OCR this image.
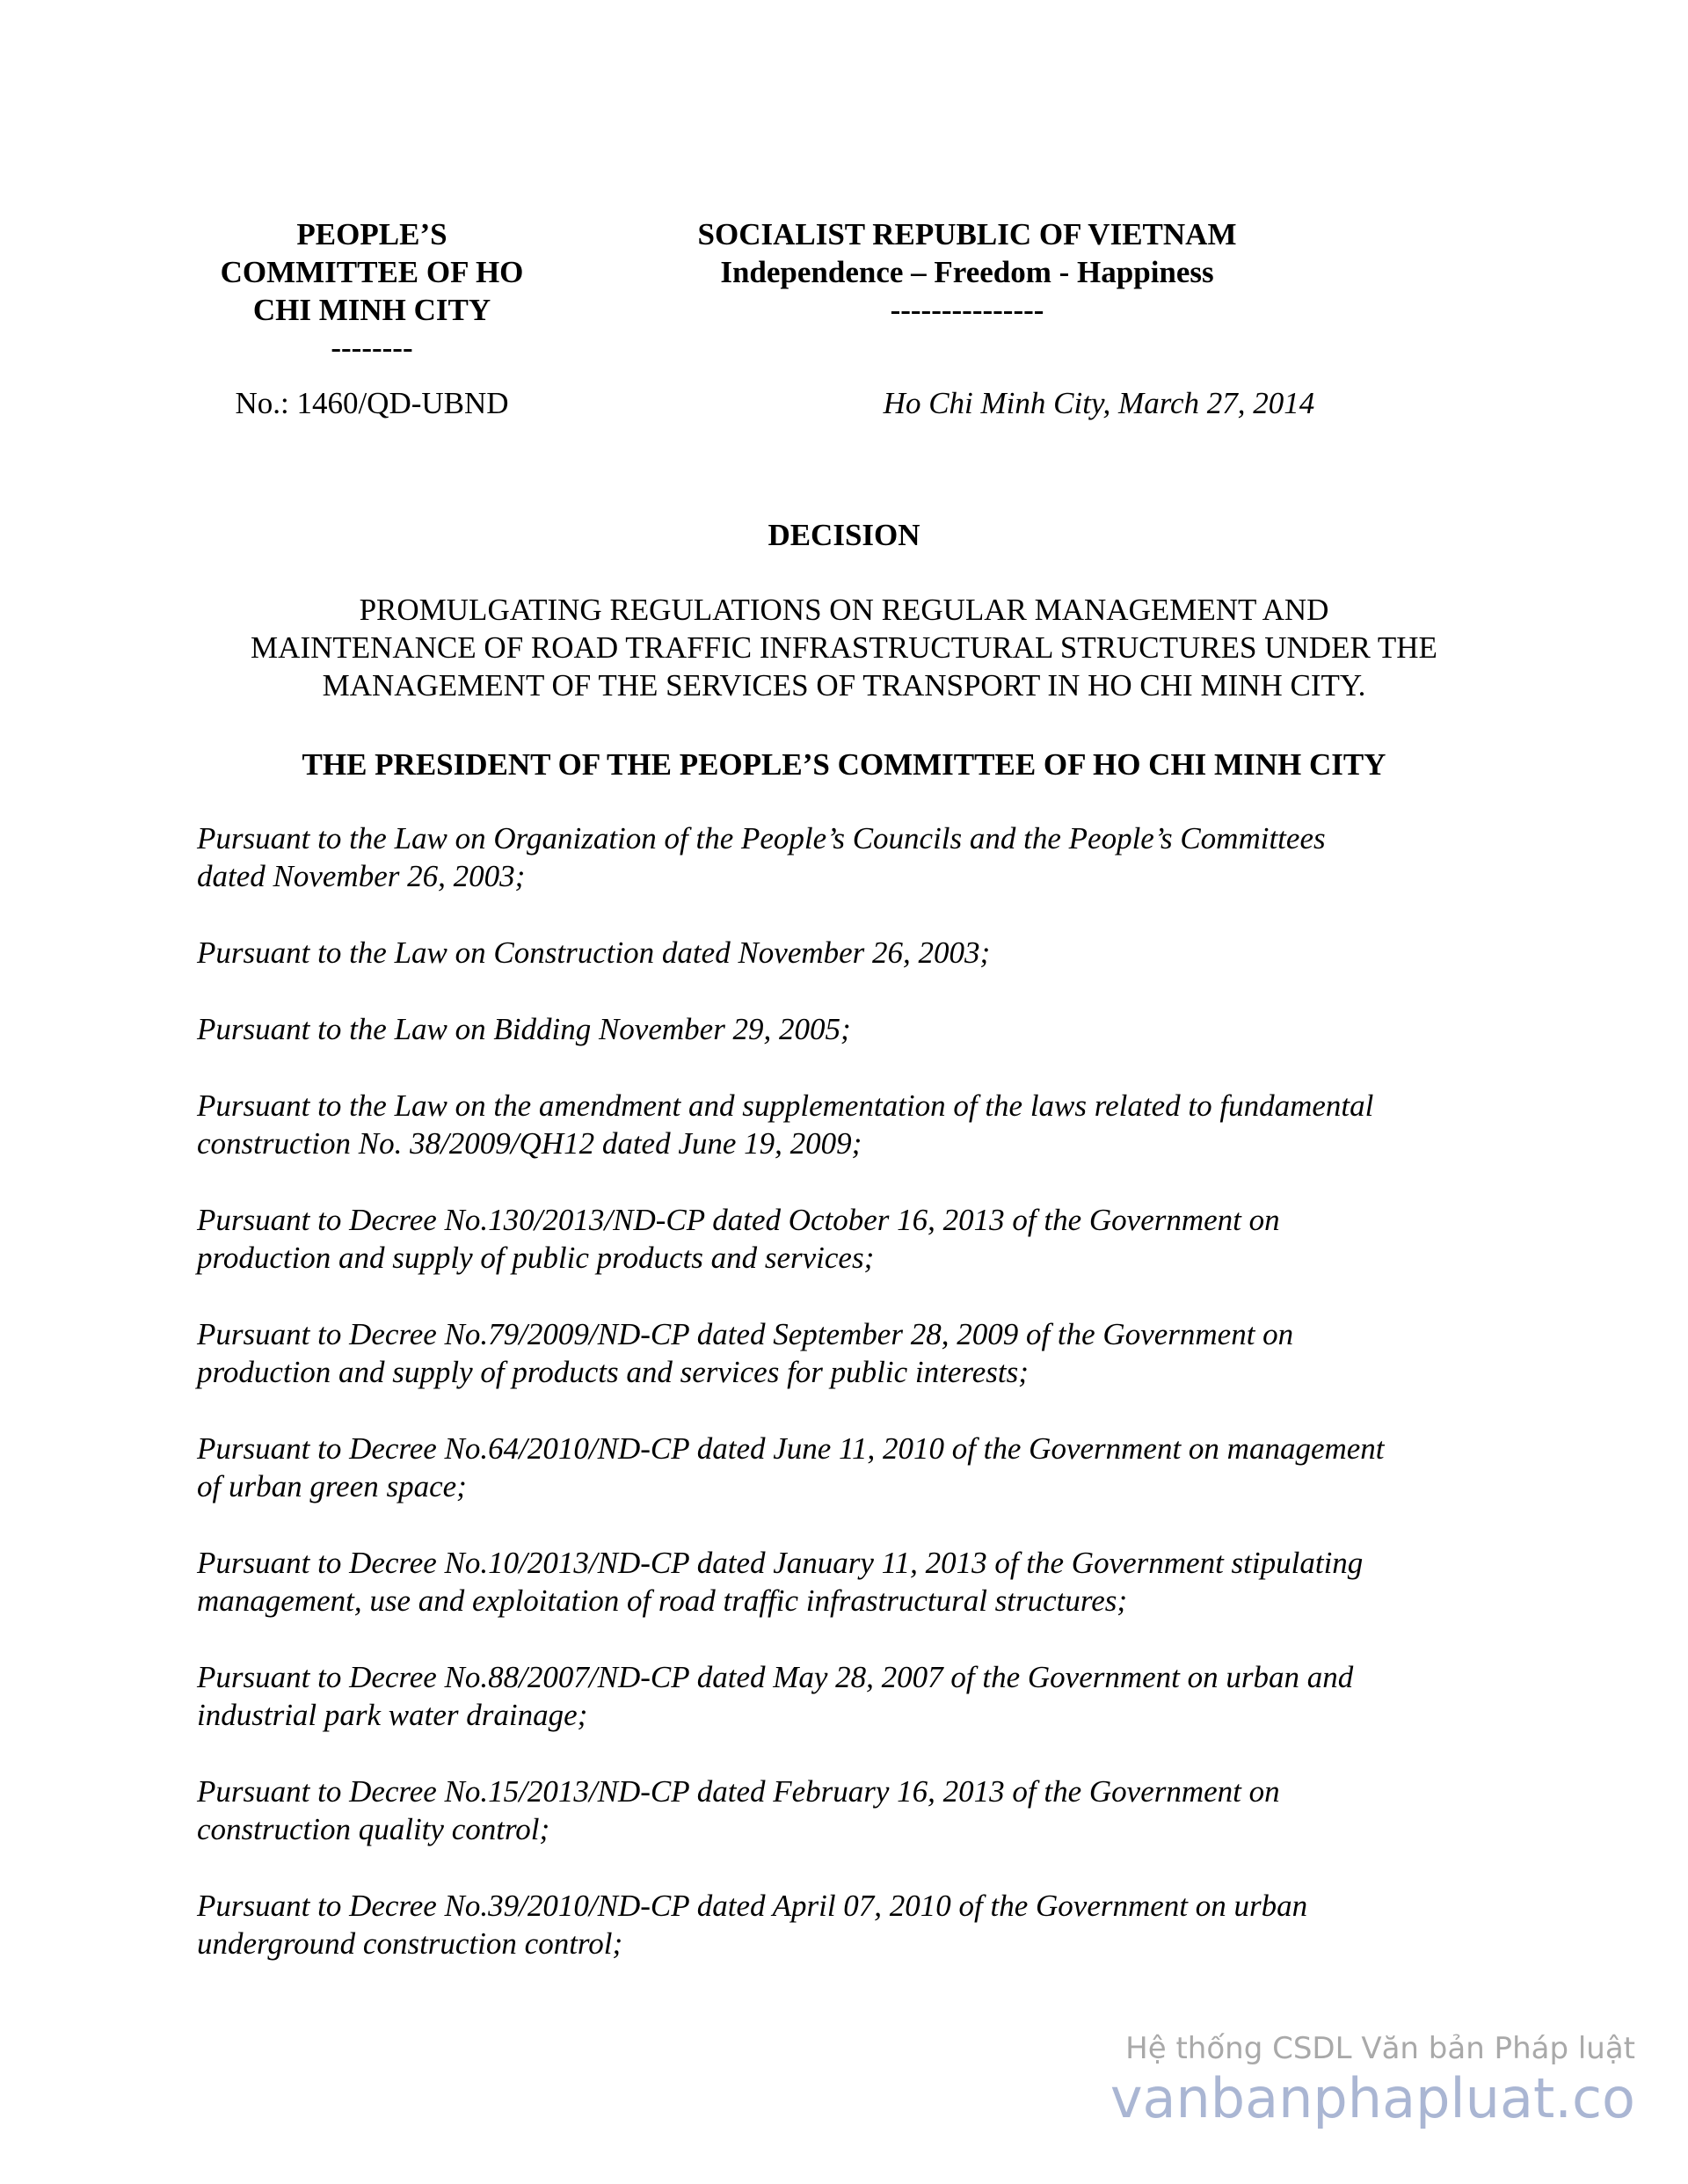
PEOPLE’S
COMMITTEE OF HO
CHI MINH CITY
--------
SOCIALIST REPUBLIC OF VIETNAM
Independence – Freedom - Happiness
---------------
No.: 1460/QD-UBND	Ho Chi Minh City, March 27, 2014
DECISION
PROMULGATING REGULATIONS ON REGULAR MANAGEMENT AND
MAINTENANCE OF ROAD TRAFFIC INFRASTRUCTURAL STRUCTURES UNDER THE
MANAGEMENT OF THE SERVICES OF TRANSPORT IN HO CHI MINH CITY.
THE PRESIDENT OF THE PEOPLE’S COMMITTEE OF HO CHI MINH CITY
Pursuant to the Law on Organization of the People’s Councils and the People’s Committees
dated November 26, 2003;
Pursuant to the Law on Construction dated November 26, 2003;
Pursuant to the Law on Bidding November 29, 2005;
Pursuant to the Law on the amendment and supplementation of the laws related to fundamental
construction No. 38/2009/QH12 dated June 19, 2009;
Pursuant to Decree No.130/2013/ND-CP dated October 16, 2013 of the Government on
production and supply of public products and services;
Pursuant to Decree No.79/2009/ND-CP dated September 28, 2009 of the Government on
production and supply of products and services for public interests;
Pursuant to Decree No.64/2010/ND-CP dated June 11, 2010 of the Government on management
of urban green space;
Pursuant to Decree No.10/2013/ND-CP dated January 11, 2013 of the Government stipulating
management, use and exploitation of road traffic infrastructural structures;
Pursuant to Decree No.88/2007/ND-CP dated May 28, 2007 of the Government on urban and
industrial park water drainage;
Pursuant to Decree No.15/2013/ND-CP dated February 16, 2013 of the Government on
construction quality control;
Pursuant to Decree No.39/2010/ND-CP dated April 07, 2010 of the Government on urban
underground construction control;
Hệ thống CSDL Văn bản Pháp luật
vanbanphapluat.co
